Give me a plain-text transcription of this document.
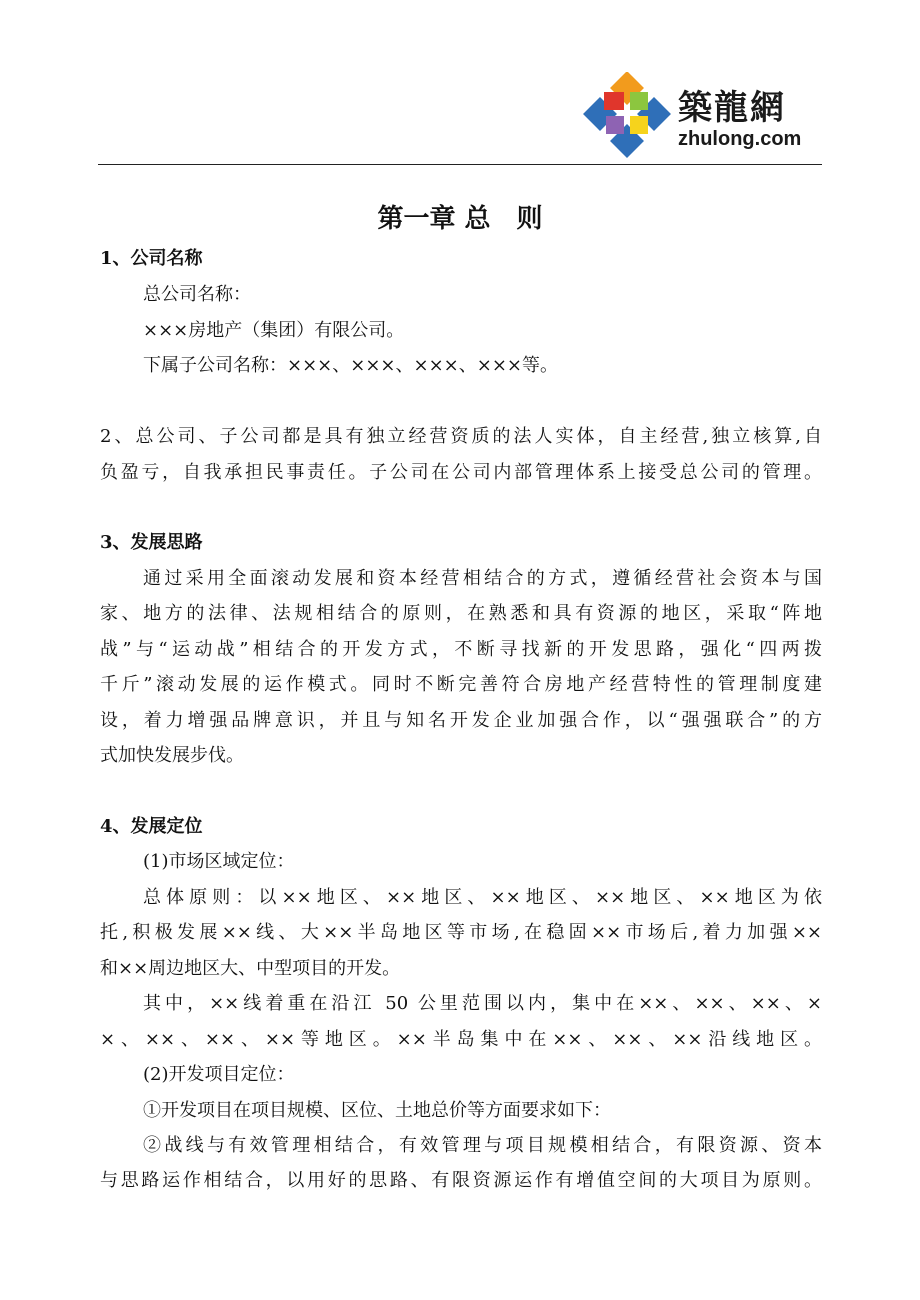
築龍網
zhulong.com
第一章 总　则
1、公司名称
总公司名称：
×××房地产（集团）有限公司。
下属子公司名称：×××、×××、×××、×××等。
2、总公司、子公司都是具有独立经营资质的法人实体，自主经营,独立核算,自
负盈亏，自我承担民事责任。子公司在公司内部管理体系上接受总公司的管理。
3、发展思路
通过采用全面滚动发展和资本经营相结合的方式，遵循经营社会资本与国
家、地方的法律、法规相结合的原则，在熟悉和具有资源的地区，采取“阵地
战”与“运动战”相结合的开发方式，不断寻找新的开发思路，强化“四两拨
千斤”滚动发展的运作模式。同时不断完善符合房地产经营特性的管理制度建
设，着力增强品牌意识，并且与知名开发企业加强合作，以“强强联合”的方
式加快发展步伐。
4、发展定位
(1)市场区域定位：
总体原则：以××地区、××地区、××地区、××地区、××地区为依
托,积极发展××线、大××半岛地区等市场,在稳固××市场后,着力加强××
和××周边地区大、中型项目的开发。
其中，××线着重在沿江 50 公里范围以内，集中在××、××、××、×
×、××、××、××等地区。××半岛集中在××、××、××沿线地区。
(2)开发项目定位：
①开发项目在项目规模、区位、土地总价等方面要求如下：
②战线与有效管理相结合，有效管理与项目规模相结合，有限资源、资本
与思路运作相结合，以用好的思路、有限资源运作有增值空间的大项目为原则。
